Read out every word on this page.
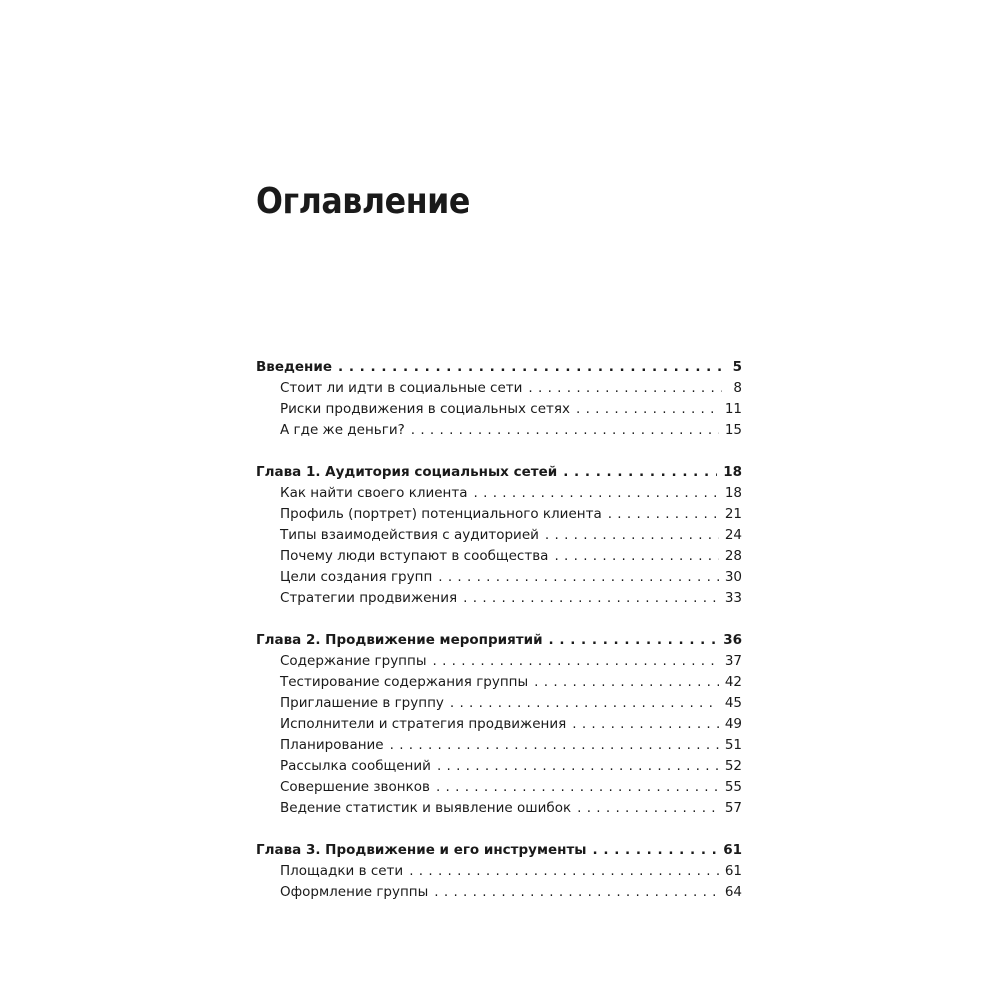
Оглавление
Введение . . .	5
Стоит ли идти в социальные сети . . .	8
Риски продвижения в социальных сетях . . .	11
А где же деньги? . . .	15
Глава 1. Аудитория социальных сетей . . .	18
Как найти своего клиента . . .	18
Профиль (портрет) потенциального клиента . . .	21
Типы взаимодействия с аудиторией . . .	24
Почему люди вступают в сообщества . . .	28
Цели создания групп . . .	30
Стратегии продвижения . . .	33
Глава 2. Продвижение мероприятий . . .	36
Содержание группы . . .	37
Тестирование содержания группы . . .	42
Приглашение в группу . . .	45
Исполнители и стратегия продвижения . . .	49
Планирование . . .	51
Рассылка сообщений . . .	52
Совершение звонков . . .	55
Ведение статистик и выявление ошибок . . .	57
Глава 3. Продвижение и его инструменты . . .	61
Площадки в сети . . .	61
Оформление группы . . .	64
